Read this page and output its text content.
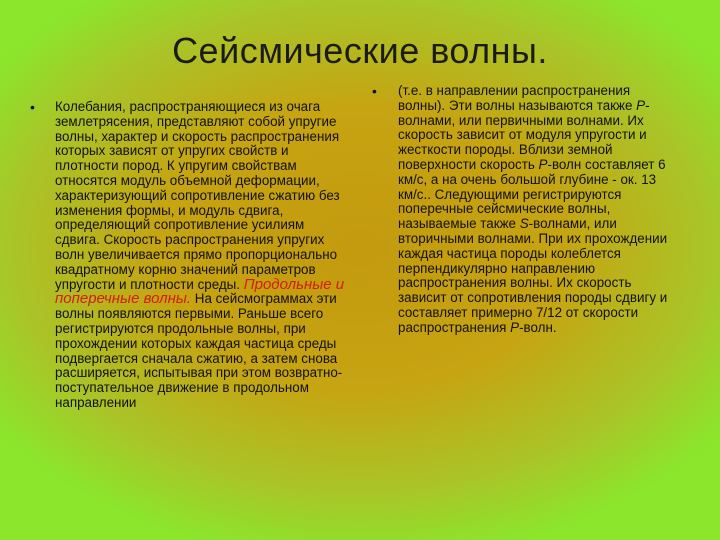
Сейсмические волны.
• Колебания, распространяющиеся из очага землетрясения, представляют собой упругие волны, характер и скорость распространения которых зависят от упругих свойств и плотности пород. К упругим свойствам относятся модуль объемной деформации, характеризующий сопротивление сжатию без изменения формы, и модуль сдвига, определяющий сопротивление усилиям сдвига. Скорость распространения упругих волн увеличивается прямо пропорционально квадратному корню значений параметров упругости и плотности среды. Продольные и поперечные волны. На сейсмограммах эти волны появляются первыми. Раньше всего регистрируются продольные волны, при прохождении которых каждая частица среды подвергается сначала сжатию, а затем снова расширяется, испытывая при этом возвратно-поступательное движение в продольном направлении
• (т.е. в направлении распространения волны). Эти волны называются также Р-волнами, или первичными волнами. Их скорость зависит от модуля упругости и жесткости породы. Вблизи земной поверхности скорость Р-волн составляет 6 км/с, а на очень большой глубине - ок. 13 км/с.. Следующими регистрируются поперечные сейсмические волны, называемые также S-волнами, или вторичными волнами. При их прохождении каждая частица породы колеблется перпендикулярно направлению распространения волны. Их скорость зависит от сопротивления породы сдвигу и составляет примерно 7/12 от скорости распространения Р-волн.
